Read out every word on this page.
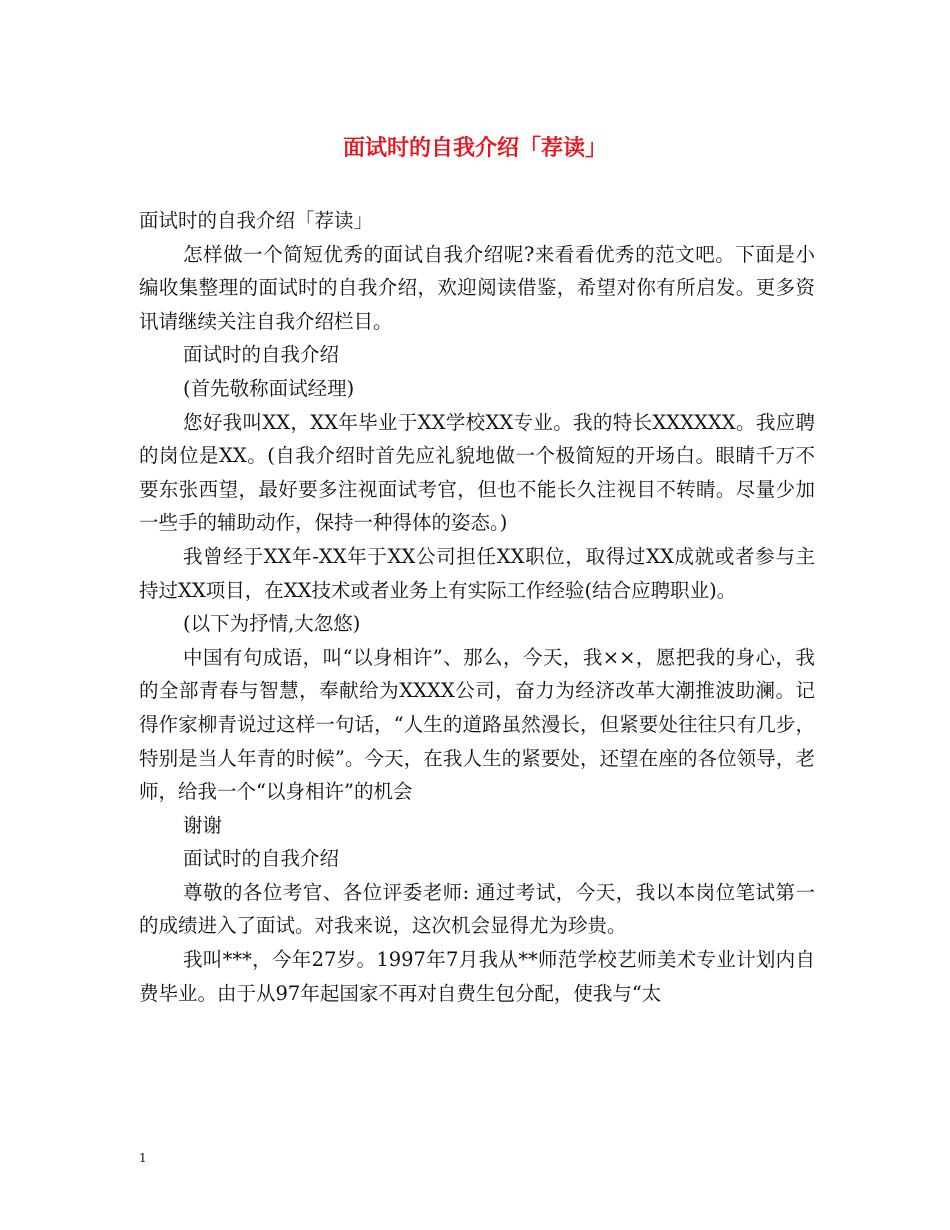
面试时的自我介绍「荐读」

面试时的自我介绍「荐读」

怎样做一个简短优秀的面试自我介绍呢?来看看优秀的范文吧。下面是小编收集整理的面试时的自我介绍，欢迎阅读借鉴，希望对你有所启发。更多资讯请继续关注自我介绍栏目。

面试时的自我介绍

(首先敬称面试经理)

您好我叫XX，XX年毕业于XX学校XX专业。我的特长XXXXXX。我应聘的岗位是XX。(自我介绍时首先应礼貌地做一个极简短的开场白。眼睛千万不要东张西望，最好要多注视面试考官，但也不能长久注视目不转睛。尽量少加一些手的辅助动作，保持一种得体的姿态。)

我曾经于XX年-XX年于XX公司担任XX职位，取得过XX成就或者参与主持过XX项目，在XX技术或者业务上有实际工作经验(结合应聘职业)。

(以下为抒情,大忽悠)

中国有句成语，叫“以身相许”、那么，今天，我××，愿把我的身心，我的全部青春与智慧，奉献给为XXXX公司，奋力为经济改革大潮推波助澜。记得作家柳青说过这样一句话，“人生的道路虽然漫长，但紧要处往往只有几步，特别是当人年青的时候”。今天，在我人生的紧要处，还望在座的各位领导，老师，给我一个“以身相许”的机会

谢谢

面试时的自我介绍

尊敬的各位考官、各位评委老师: 通过考试，今天，我以本岗位笔试第一的成绩进入了面试。对我来说，这次机会显得尤为珍贵。

我叫***，今年27岁。1997年7月我从**师范学校艺师美术专业计划内自费毕业。由于从97年起国家不再对自费生包分配，使我与“太

1
